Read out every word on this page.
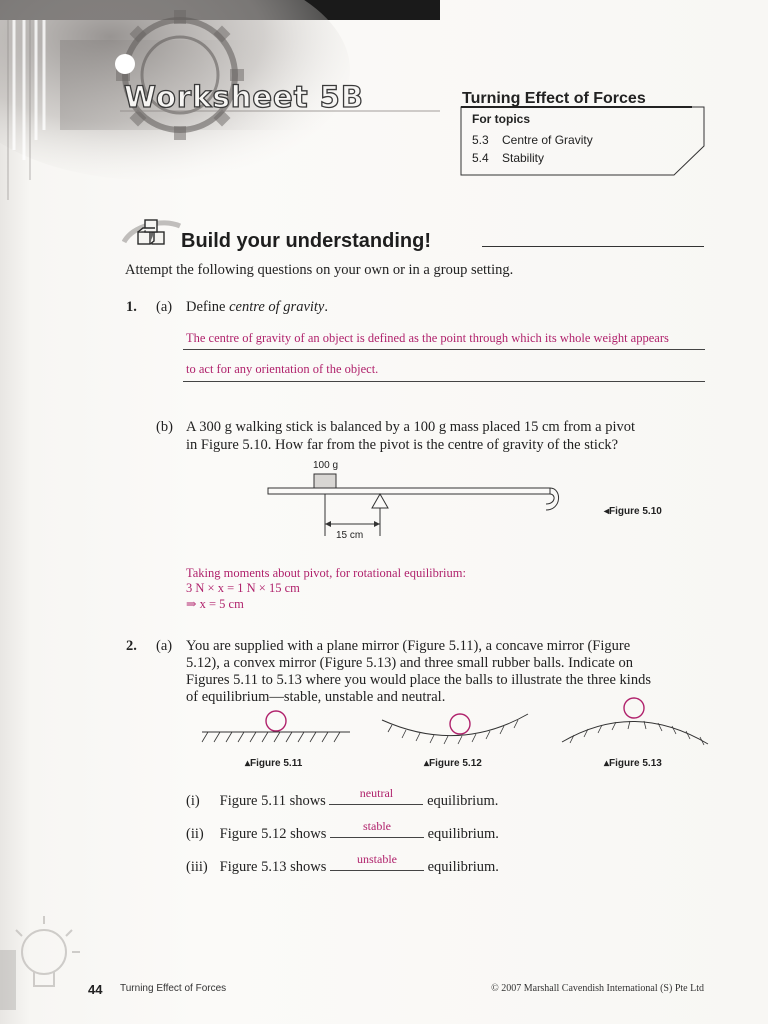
Worksheet 5B	Turning Effect of Forces
For topics
5.3 Centre of Gravity
5.4 Stability
Build your understanding!
Attempt the following questions on your own or in a group setting.
1. (a) Define centre of gravity.
The centre of gravity of an object is defined as the point through which its whole weight appears
to act for any orientation of the object.
(b) A 300 g walking stick is balanced by a 100 g mass placed 15 cm from a pivot
in Figure 5.10. How far from the pivot is the centre of gravity of the stick?
100 g
15 cm
◂Figure 5.10
Taking moments about pivot, for rotational equilibrium:
3 N × x = 1 N × 15 cm
⇒ x = 5 cm
2. (a) You are supplied with a plane mirror (Figure 5.11), a concave mirror (Figure
5.12), a convex mirror (Figure 5.13) and three small rubber balls. Indicate on
Figures 5.11 to 5.13 where you would place the balls to illustrate the three kinds
of equilibrium—stable, unstable and neutral.
▴Figure 5.11	▴Figure 5.12	▴Figure 5.13
(i) Figure 5.11 shows	neutral	equilibrium.
(ii) Figure 5.12 shows	stable	equilibrium.
(iii) Figure 5.13 shows	unstable	equilibrium.
44 Turning Effect of Forces	© 2007 Marshall Cavendish International (S) Pte Ltd
